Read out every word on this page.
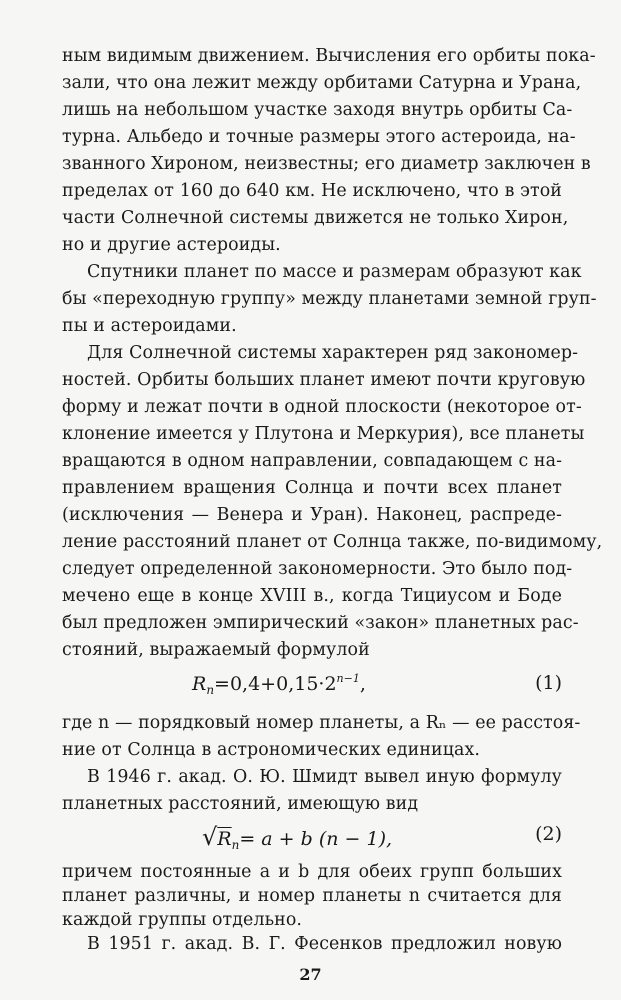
ным видимым движением. Вычисления его орбиты пока-
зали, что она лежит между орбитами Сатурна и Урана,
лишь на небольшом участке заходя внутрь орбиты Са-
турна. Альбедо и точные размеры этого астероида, на-
званного Хироном, неизвестны; его диаметр заключен в
пределах от 160 до 640 км. Не исключено, что в этой
части Солнечной системы движется не только Хирон,
но и другие астероиды.
Спутники планет по массе и размерам образуют как
бы «переходную группу» между планетами земной груп-
пы и астероидами.
Для Солнечной системы характерен ряд закономер-
ностей. Орбиты больших планет имеют почти круговую
форму и лежат почти в одной плоскости (некоторое от-
клонение имеется у Плутона и Меркурия), все планеты
вращаются в одном направлении, совпадающем с на-
правлением вращения Солнца и почти всех планет
(исключения — Венера и Уран). Наконец, распреде-
ление расстояний планет от Солнца также, по-видимому,
следует определенной закономерности. Это было под-
мечено еще в конце XVIII в., когда Тициусом и Боде
был предложен эмпирический «закон» планетных рас-
стояний, выражаемый формулой
$R_n=0,4+0,15\cdot 2^{n-1}$,	(1)
где n — порядковый номер планеты, а Rₙ — ее расстоя-
ние от Солнца в астрономических единицах.
В 1946 г. акад. О. Ю. Шмидт вывел иную формулу
планетных расстояний, имеющую вид
$√R_n= a + b$ (n − 1),	(2)
причем постоянные a и b для обеих групп больших
планет различны, и номер планеты n считается для
каждой группы отдельно.
В 1951 г. акад. В. Г. Фесенков предложил новую
27
